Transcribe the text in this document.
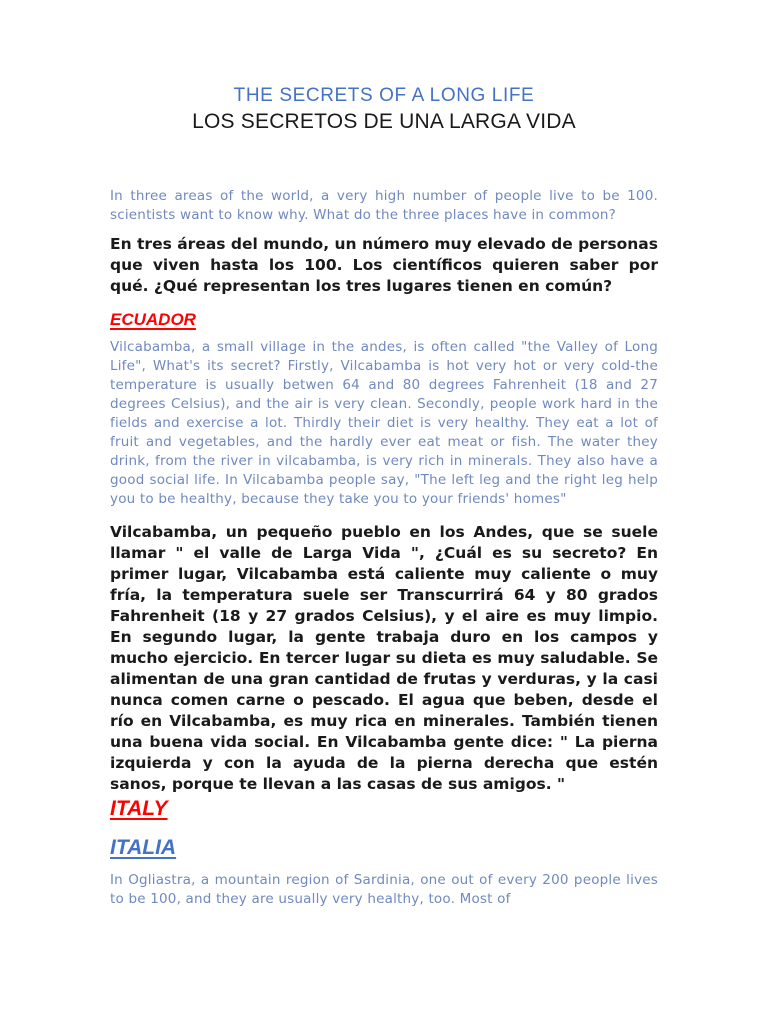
THE SECRETS OF A LONG LIFE
LOS SECRETOS DE UNA LARGA VIDA

In three areas of the world, a very high number of people live to be 100. scientists want to know why. What do the three places have in common?

En tres áreas del mundo, un número muy elevado de personas que viven hasta los 100. Los científicos quieren saber por qué. ¿Qué representan los tres lugares tienen en común?

ECUADOR

Vilcabamba, a small village in the andes, is often called "the Valley of Long Life", What's its secret? Firstly, Vilcabamba is hot very hot or very cold-the temperature is usually betwen 64 and 80 degrees Fahrenheit (18 and 27 degrees Celsius), and the air is very clean. Secondly, people work hard in the fields and exercise a lot. Thirdly their diet is very healthy. They eat a lot of fruit and vegetables, and the hardly ever eat meat or fish. The water they drink, from the river in vilcabamba, is very rich in minerals. They also have a good social life. In Vilcabamba people say, "The left leg and the right leg help you to be healthy, because they take you to your friends' homes"

Vilcabamba, un pequeño pueblo en los Andes, que se suele llamar " el valle de Larga Vida ", ¿Cuál es su secreto? En primer lugar, Vilcabamba está caliente muy caliente o muy fría, la temperatura suele ser Transcurrirá 64 y 80 grados Fahrenheit (18 y 27 grados Celsius), y el aire es muy limpio. En segundo lugar, la gente trabaja duro en los campos y mucho ejercicio. En tercer lugar su dieta es muy saludable. Se alimentan de una gran cantidad de frutas y verduras, y la casi nunca comen carne o pescado. El agua que beben, desde el río en Vilcabamba, es muy rica en minerales. También tienen una buena vida social. En Vilcabamba gente dice: " La pierna izquierda y con la ayuda de la pierna derecha que estén sanos, porque te llevan a las casas de sus amigos. "

ITALY
ITALIA

In Ogliastra, a mountain region of Sardinia, one out of every 200 people lives to be 100, and they are usually very healthy, too. Most of
